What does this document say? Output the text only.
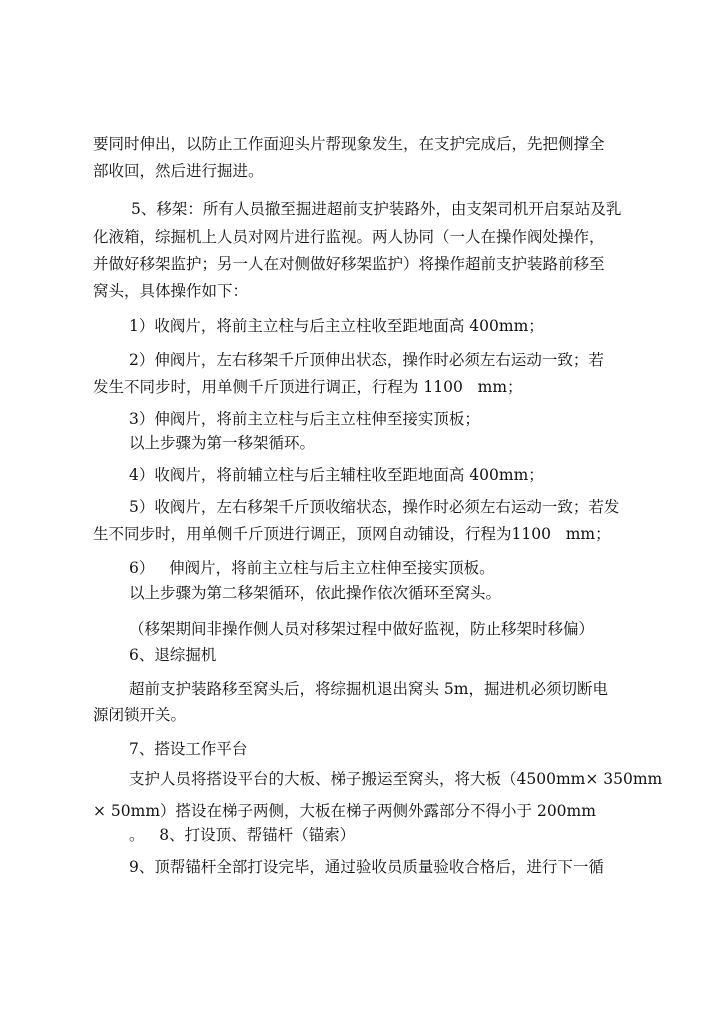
要同时伸出，以防止工作面迎头片帮现象发生，在支护完成后，先把侧撑全
部收回，然后进行掘进。
5、移架：所有人员撤至掘进超前支护装路外，由支架司机开启泵站及乳
化液箱，综掘机上人员对网片进行监视。两人协同（一人在操作阀处操作，
并做好移架监护；另一人在对侧做好移架监护）将操作超前支护装路前移至
窝头，具体操作如下：
1）收阀片，将前主立柱与后主立柱收至距地面高 400mm；
2）伸阀片，左右移架千斤顶伸出状态，操作时必须左右运动一致；若
发生不同步时，用单侧千斤顶进行调正，行程为 1100   mm；
3）伸阀片，将前主立柱与后主立柱伸至接实顶板；
以上步骤为第一移架循环。
4）收阀片，将前辅立柱与后主辅柱收至距地面高 400mm；
5）收阀片，左右移架千斤顶收缩状态，操作时必须左右运动一致；若发
生不同步时，用单侧千斤顶进行调正，顶网自动铺设，行程为1100   mm；
6）   伸阀片，将前主立柱与后主立柱伸至接实顶板。
以上步骤为第二移架循环，依此操作依次循环至窝头。
（移架期间非操作侧人员对移架过程中做好监视，防止移架时移偏）
6、退综掘机
超前支护装路移至窝头后，将综掘机退出窝头 5m，掘进机必须切断电
源闭锁开关。
7、搭设工作平台
支护人员将搭设平台的大板、梯子搬运至窝头，将大板（4500mm× 350mm
× 50mm）搭设在梯子两侧，大板在梯子两侧外露部分不得小于 200mm
。   8、打设顶、帮锚杆（锚索）
9、顶帮锚杆全部打设完毕，通过验收员质量验收合格后，进行下一循
